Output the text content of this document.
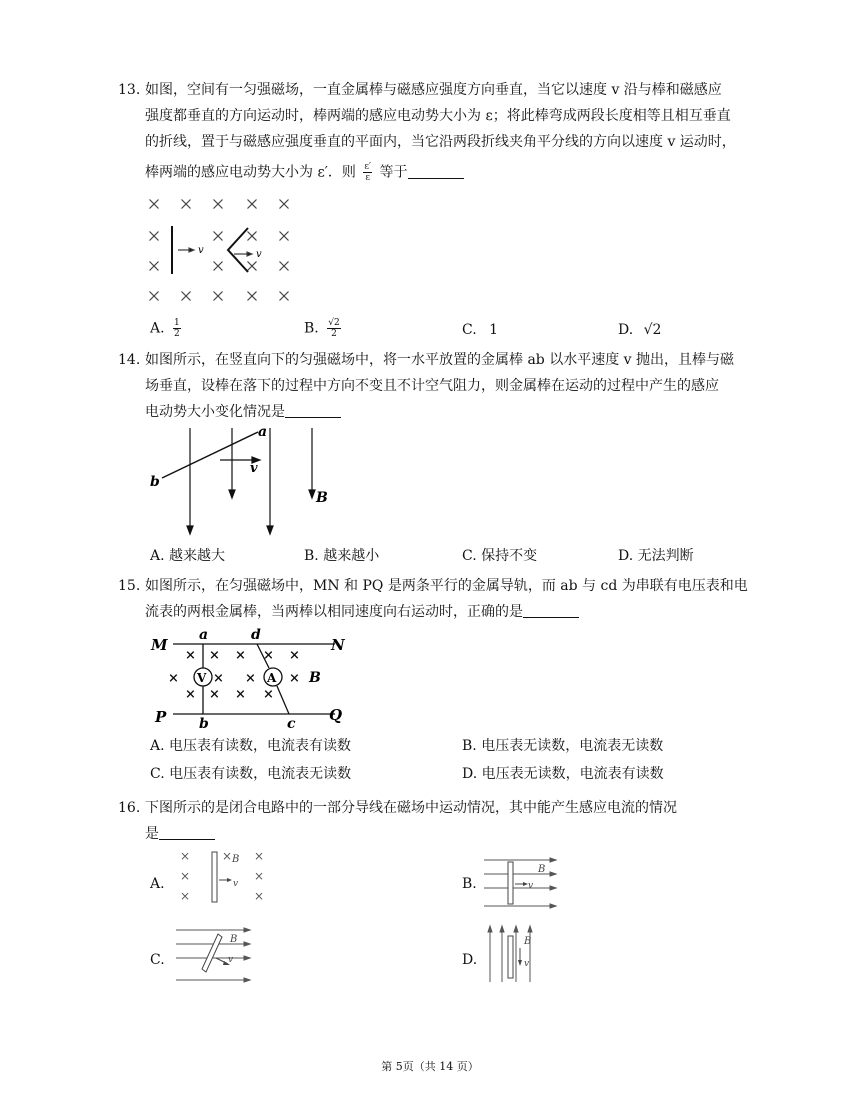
13. 如图，空间有一匀强磁场，一直金属棒与磁感应强度方向垂直，当它以速度 v 沿与棒和磁感应
强度都垂直的方向运动时，棒两端的感应电动势大小为 ε；将此棒弯成两段长度相等且相互垂直
的折线，置于与磁感应强度垂直的平面内，当它沿两段折线夹角平分线的方向以速度 v 运动时，
棒两端的感应电动势大小为 ε′．则 $\frac{\varepsilon'}{\varepsilon}$ 等于
v	v
A. $\frac{1}{2}$	B. $\frac{√2}{2}$	C. 1	D. √2
14. 如图所示，在竖直向下的匀强磁场中，将一水平放置的金属棒 ab 以水平速度 v 抛出，且棒与磁
场垂直，设棒在落下的过程中方向不变且不计空气阻力，则金属棒在运动的过程中产生的感应
电动势大小变化情况是
a
b
v
B
A. 越来越大	B. 越来越小	C. 保持不变	D. 无法判断
15. 如图所示，在匀强磁场中，MN 和 PQ 是两条平行的金属导轨，而 ab 与 cd 为串联有电压表和电
流表的两根金属棒，当两棒以相同速度向右运动时，正确的是
× × × × ×
× × × ×
×	× ×	×
V	A
M	N
P	Q
a	d
b	c
B
A. 电压表有读数，电流表有读数	B. 电压表无读数，电流表无读数
C. 电压表有读数，电流表无读数	D. 电压表无读数，电流表有读数
16. 下图所示的是闭合电路中的一部分导线在磁场中运动情况，其中能产生感应电流的情况
是
A.
×
×
×
× ×
×
×
B
v	B.
B
v
C.
B
v	D.
B
v
第 5页（共 14 页）
